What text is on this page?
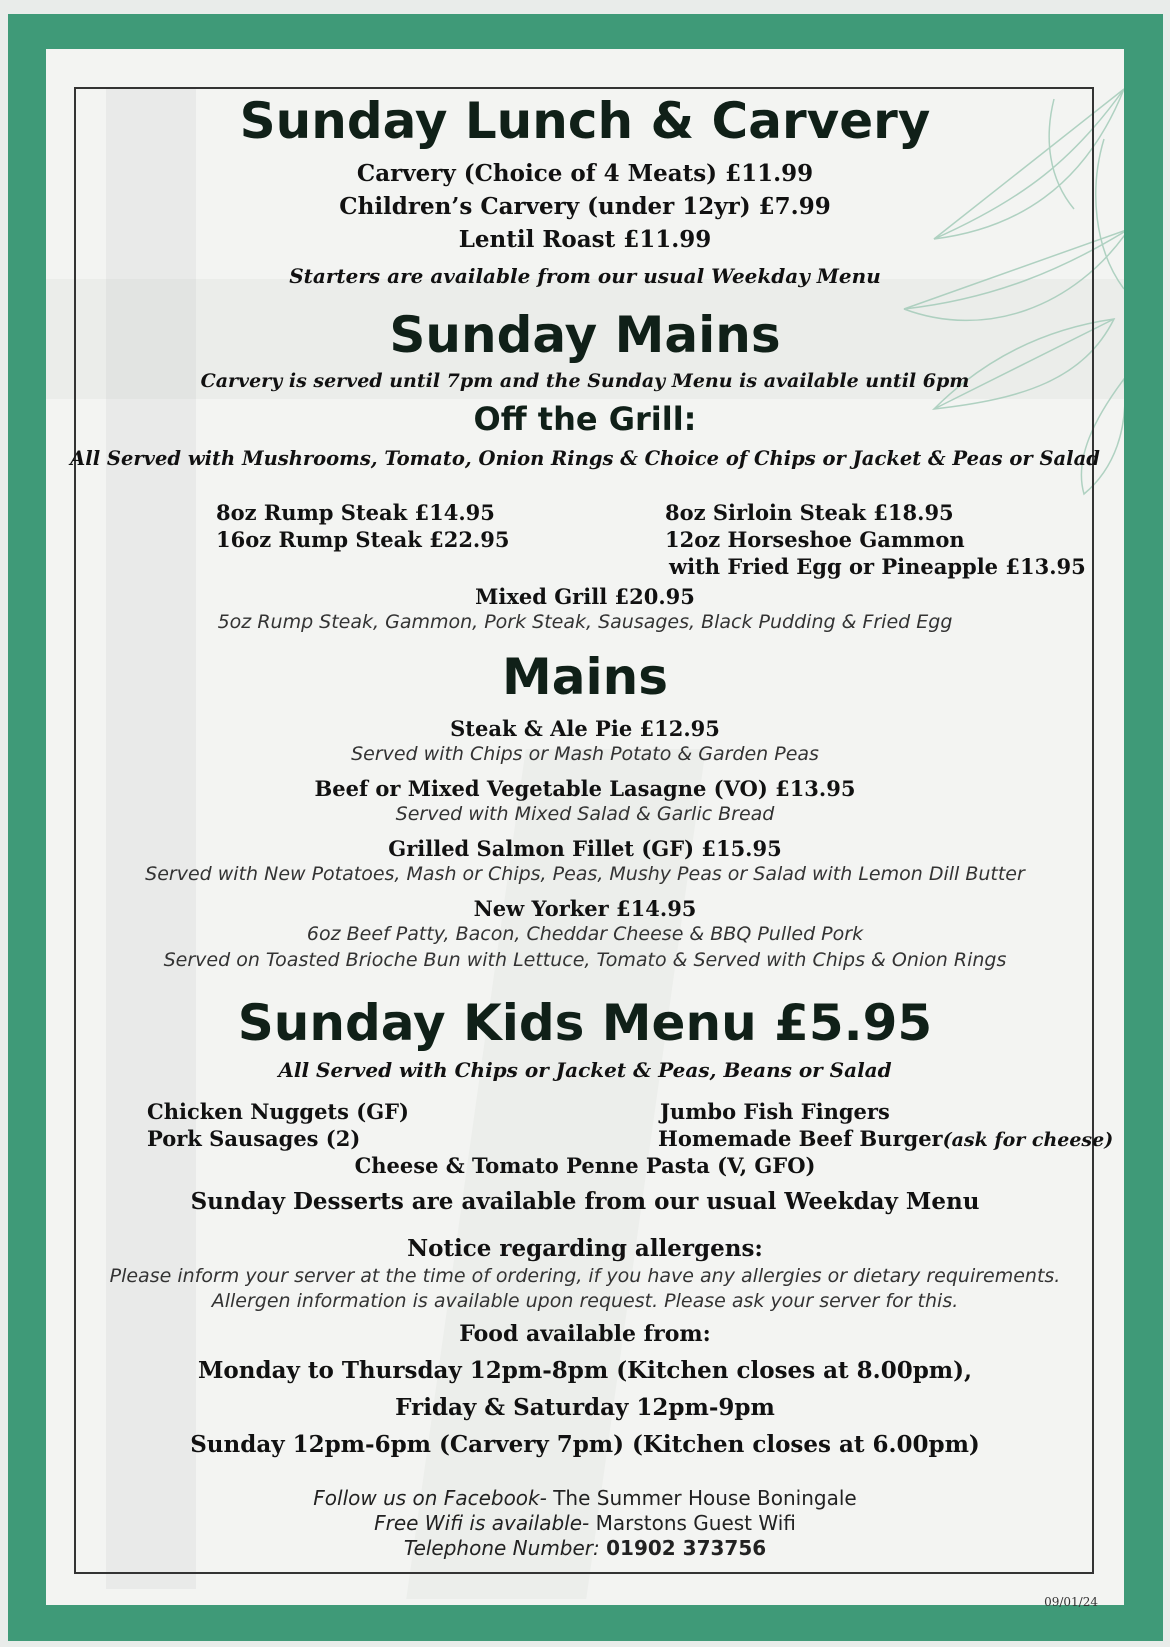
Sunday Lunch & Carvery
Carvery (Choice of 4 Meats) £11.99
Children’s Carvery (under 12yr) £7.99
Lentil Roast £11.99
Starters are available from our usual Weekday Menu
Sunday Mains
Carvery is served until 7pm and the Sunday Menu is available until 6pm
Off the Grill:
All Served with Mushrooms, Tomato, Onion Rings & Choice of Chips or Jacket & Peas or Salad
8oz Rump Steak £14.95
16oz Rump Steak £22.95
8oz Sirloin Steak £18.95
12oz Horseshoe Gammon
with Fried Egg or Pineapple £13.95
Mixed Grill £20.95
5oz Rump Steak, Gammon, Pork Steak, Sausages, Black Pudding & Fried Egg
Mains
Steak & Ale Pie £12.95
Served with Chips or Mash Potato & Garden Peas
Beef or Mixed Vegetable Lasagne (VO) £13.95
Served with Mixed Salad & Garlic Bread
Grilled Salmon Fillet (GF) £15.95
Served with New Potatoes, Mash or Chips, Peas, Mushy Peas or Salad with Lemon Dill Butter
New Yorker £14.95
6oz Beef Patty, Bacon, Cheddar Cheese & BBQ Pulled Pork
Served on Toasted Brioche Bun with Lettuce, Tomato & Served with Chips & Onion Rings
Sunday Kids Menu £5.95
All Served with Chips or Jacket & Peas, Beans or Salad
Chicken Nuggets (GF)
Pork Sausages (2)
Jumbo Fish Fingers
Homemade Beef Burger(ask for cheese)
Cheese & Tomato Penne Pasta (V, GFO)
Sunday Desserts are available from our usual Weekday Menu
Notice regarding allergens:
Please inform your server at the time of ordering, if you have any allergies or dietary requirements.
Allergen information is available upon request. Please ask your server for this.
Food available from:
Monday to Thursday 12pm-8pm (Kitchen closes at 8.00pm),
Friday & Saturday 12pm-9pm
Sunday 12pm-6pm (Carvery 7pm) (Kitchen closes at 6.00pm)
Follow us on Facebook- The Summer House Boningale
Free Wifi is available- Marstons Guest Wifi
Telephone Number: 01902 373756
09/01/24
